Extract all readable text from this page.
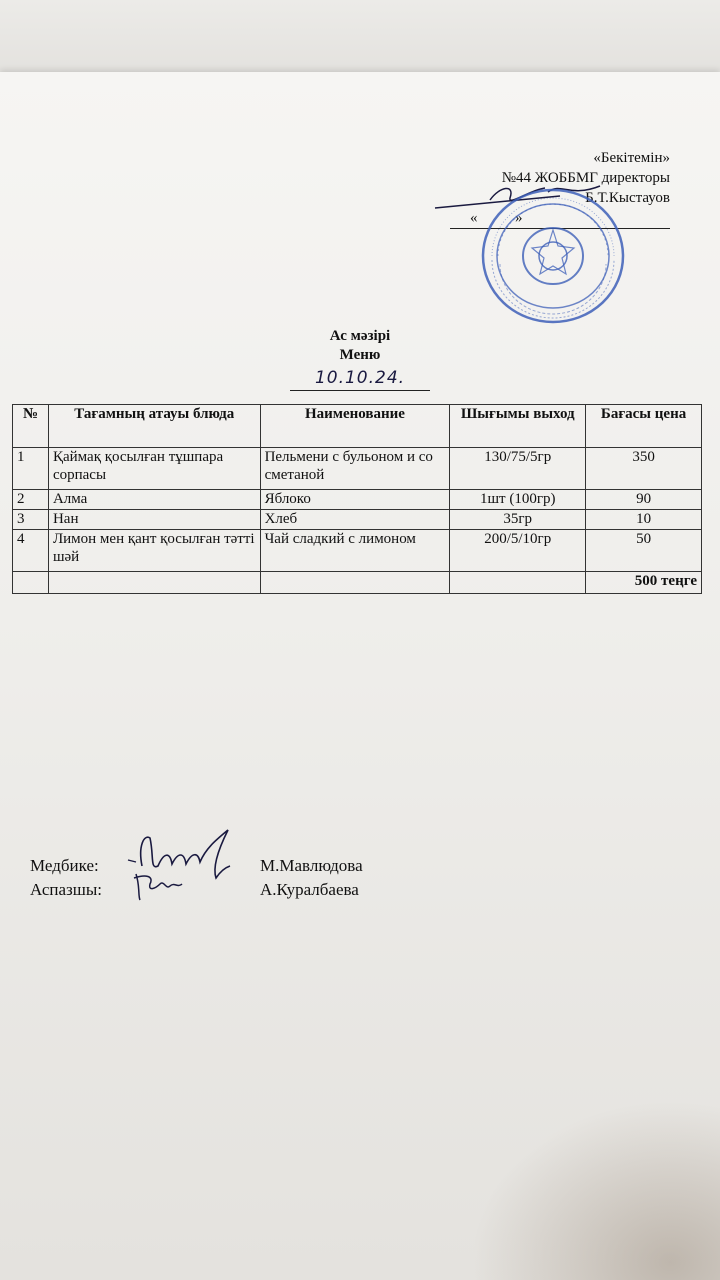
«Бекітемін»
№44 ЖОББМГ директоры
Б.Т.Кыстауов
«	»
Ас мәзірі
Меню
10.10.24.
№	Тағамның атауы блюда	Наименование	Шығымы выход	Бағасы цена
1	Қаймақ қосылған тұшпара сорпасы	Пельмени с бульоном и со сметаной	130/75/5гр	350
2	Алма	Яблоко	1шт (100гр)	90
3	Нан	Хлеб	35гр	10
4	Лимон мен қант қосылған тәтті шәй	Чай сладкий с лимоном	200/5/10гр	50
				500 теңге
Медбике:	М.Мавлюдова
Аспазшы:	А.Куралбаева
